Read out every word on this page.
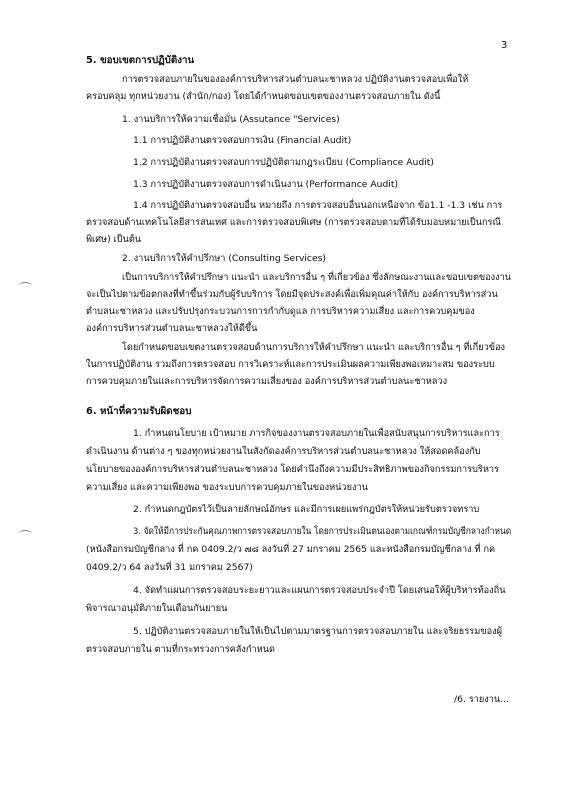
3
5. ขอบเขตการปฏิบัติงาน
การตรวจสอบภายในขององค์การบริหารส่วนตำบลนะชาหลวง ปฏิบัติงานตรวจสอบเพื่อให้
ครอบคลุม ทุกหน่วยงาน (สำนัก/กอง) โดยได้กำหนดขอบเขตของงานตรวจสอบภายใน ดังนี้
1. งานบริการให้ความเชื่อมั่น (Assutance "Services)
1.1 การปฏิบัติงานตรวจสอบการเงิน (Financial Audit)
1.2 การปฏิบัติงานตรวจสอบการปฏิบัติตามกฎระเบียบ (Compliance Audit)
1.3 การปฏิบัติงานตรวจสอบการดำเนินงาน (Performance Audit)
1.4 การปฏิบัติงานตรวจสอบอื่น หมายถึง การตรวจสอบอื่นนอกเหนือจาก ข้อ1.1 -1.3 เช่น การ
ตรวจสอบด้านเทคโนโลยีสารสนเทศ และการตรวจสอบพิเศษ (การตรวจสอบตามที่ได้รับมอบหมายเป็นกรณี
พิเศษ) เป็นต้น
2. งานบริการให้คำปรึกษา (Consulting Services)
เป็นการบริการให้คำปรึกษา แนะนำ และบริการอื่น ๆ ที่เกี่ยวข้อง ซึ่งลักษณะงานและขอบเขตของงาน
จะเป็นไปตามข้อตกลงที่ทำขึ้นร่วมกับผู้รับบริการ โดยมีจุดประสงค์เพื่อเพิ่มคุณค่าให้กับ องค์การบริหารส่วน
ตำบลนะชาหลวง และปรับปรุงกระบวนการการกำกับดูแล การบริหารความเสี่ยง และการควบคุมของ
องค์การบริหารส่วนตำบลนะชาหลวงให้ดีขึ้น
โดยกำหนดขอบเขตงานตรวจสอบด้านการบริการให้คำปรึกษา แนะนำ และบริการอื่น ๆ ที่เกี่ยวข้อง
ในการปฏิบัติงาน รวมถึงการตรวจสอบ การวิเคราะห์และการประเมินผลความเพียงพอเหมาะสม ของระบบ
การควบคุมภายในและการบริหารจัดการความเสี่ยงของ องค์การบริหารส่วนตำบลนะชาหลวง
6. หน้าที่ความรับผิดชอบ
1. กำหนดนโยบาย เป้าหมาย ภารกิจของงานตรวจสอบภายในเพื่อสนับสนุนการบริหารและการ
ดำเนินงาน ด้านต่าง ๆ ของทุกหน่วยงานในสังกัดองค์การบริหารส่วนตำบลนะชาหลวง ให้สอดคล้องกับ
นโยบายขององค์การบริหารส่วนตำบลนะชาหลวง โดยคำนึงถึงความมีประสิทธิภาพของกิจกรรมการบริหาร
ความเสี่ยง และความเพียงพอ ของระบบการควบคุมภายในของหน่วยงาน
2. กำหนดกฎบัตรไว้เป็นลายลักษณ์อักษร และมีการเผยแพร่กฎบัตรให้หน่วยรับตรวจทราบ
3. จัดให้มีการประกันคุณภาพการตรวจสอบภายใน โดยการประเมินตนเองตามเกณฑ์กรมบัญชีกลางกำหนด
(หนังสือกรมบัญชีกลาง ที่ กค 0409.2/ว ๗๘ ลงวันที่ 27 มกราคม 2565 และหนังสือกรมบัญชีกลาง ที่ กค
0409.2/ว 64 ลงวันที่ 31 มกราคม 2567)
4. จัดทำแผนการตรวจสอบระยะยาวและแผนการตรวจสอบประจำปี โดยเสนอให้ผู้บริหารท้องถิ่น
พิจารณาอนุมัติภายในเดือนกันยายน
5. ปฏิบัติงานตรวจสอบภายในให้เป็นไปตามมาตรฐานการตรวจสอบภายใน และจริยธรรมของผู้
ตรวจสอบภายใน ตามที่กระทรวงการคลังกำหนด
/6. รายงาน...
